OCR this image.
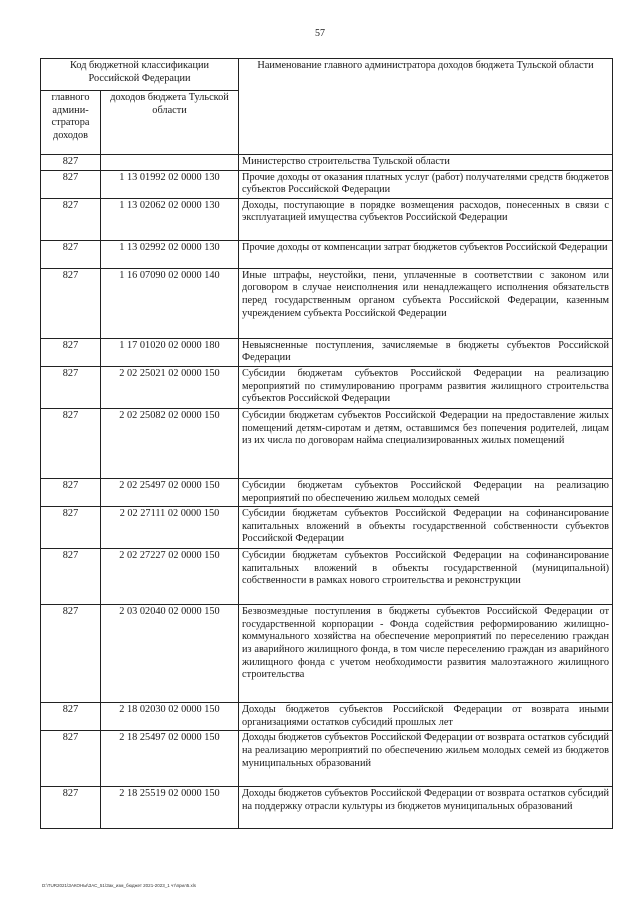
57
Код бюджетной классификации Российской Федерации		Наименование главного администратора доходов бюджета Тульской области
главного админи-стратора доходов	доходов бюджета Тульской области	
827		Министерство строительства Тульской области
827	1 13 01992 02 0000 130	Прочие доходы от оказания платных услуг (работ) получателями средств бюджетов субъектов Российской Федерации
827	1 13 02062 02 0000 130	Доходы, поступающие в порядке возмещения расходов, понесенных в связи с эксплуатацией имущества субъектов Российской Федерации
827	1 13 02992 02 0000 130	Прочие доходы от компенсации затрат бюджетов субъектов Российской Федерации
827	1 16 07090 02 0000 140	Иные штрафы, неустойки, пени, уплаченные в соответствии с законом или договором в случае неисполнения или ненадлежащего исполнения обязательств перед государственным органом субъекта Российской Федерации, казенным учреждением субъекта Российской Федерации
827	1 17 01020 02 0000 180	Невыясненные поступления, зачисляемые в бюджеты субъектов Российской Федерации
827	2 02 25021 02 0000 150	Субсидии бюджетам субъектов Российской Федерации на реализацию мероприятий по стимулированию программ развития жилищного строительства субъектов Российской Федерации
827	2 02 25082 02 0000 150	Субсидии бюджетам субъектов Российской Федерации на предоставление жилых помещений детям-сиротам и детям, оставшимся без попечения родителей, лицам из их числа по договорам найма специализированных жилых помещений
827	2 02 25497 02 0000 150	Субсидии бюджетам субъектов Российской Федерации на реализацию мероприятий по обеспечению жильем молодых семей
827	2 02 27111 02 0000 150	Субсидии бюджетам субъектов Российской Федерации на софинансирование капитальных вложений в объекты государственной собственности субъектов Российской Федерации
827	2 02 27227 02 0000 150	Субсидии бюджетам субъектов Российской Федерации на софинансирование капитальных вложений в объекты государственной (муниципальной) собственности в рамках нового строительства и реконструкции
827	2 03 02040 02 0000 150	Безвозмездные поступления в бюджеты субъектов Российской Федерации от государственной корпорации - Фонда содействия реформированию жилищно-коммунального хозяйства на обеспечение мероприятий по переселению граждан из аварийного жилищного фонда, в том числе переселению граждан из аварийного жилищного фонда с учетом необходимости развития малоэтажного жилищного строительства
827	2 18 02030 02 0000 150	Доходы бюджетов субъектов Российской Федерации от возврата иными организациями остатков субсидий прошлых лет
827	2 18 25497 02 0000 150	Доходы бюджетов субъектов Российской Федерации от возврата остатков субсидий на реализацию мероприятий по обеспечению жильем молодых семей из бюджетов муниципальных образований
827	2 18 25519 02 0000 150	Доходы бюджетов субъектов Российской Федерации от возврата остатков субсидий на поддержку отрасли культуры из бюджетов муниципальных образований
D:\TUR2021\ЗАКОНЫ\ЗАС_51\Зак_изм_бюджет 2021-2023_1 чт\прил5.xls
